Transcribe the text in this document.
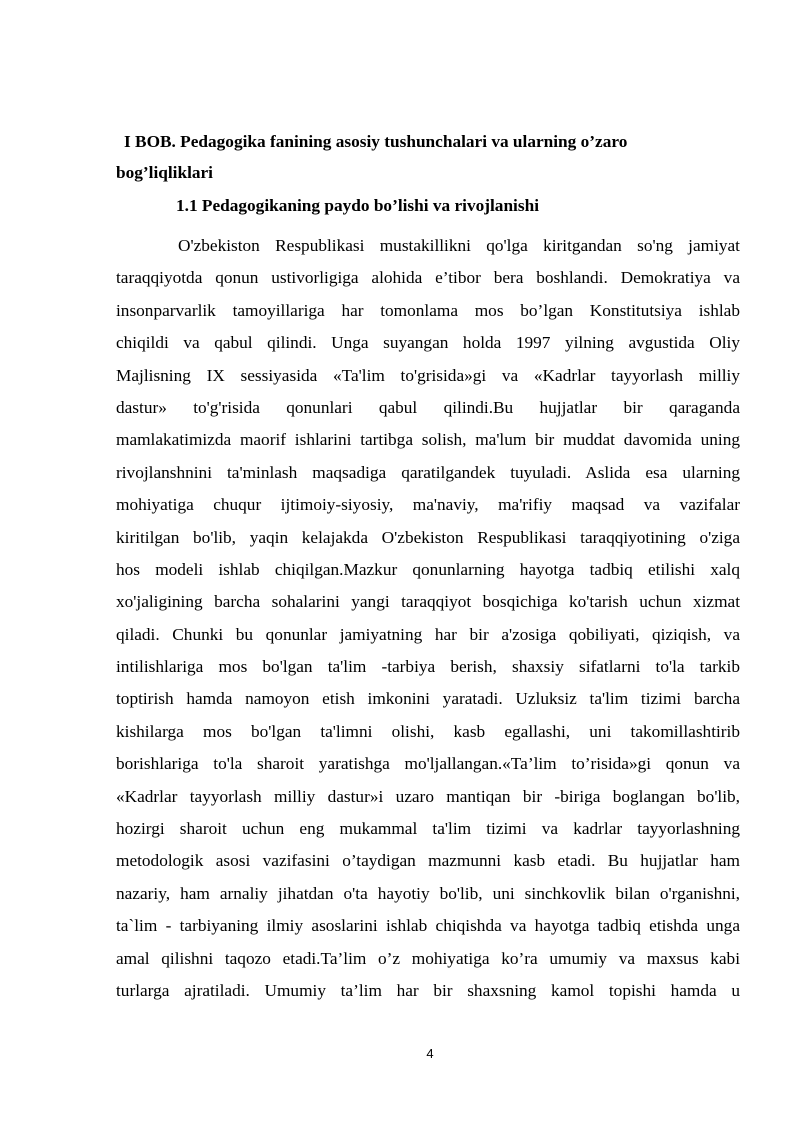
I BOB. Pedagogika fanining asosiy tushunchalari va ularning o’zaro
bog’liqliklari
1.1 Pedagogikaning paydo bo’lishi va rivojlanishi
O'zbekiston Respublikasi mustakillikni qo'lga kiritgandan so'ng jamiyat
taraqqiyotda qonun ustivorligiga alohida e’tibor bera boshlandi. Demokratiya va
insonparvarlik tamoyillariga har tomonlama mos bo’lgan Konstitutsiya ishlab
chiqildi va qabul qilindi. Unga suyangan holda 1997 yilning avgustida Oliy
Majlisning IX sessiyasida «Ta'lim to'grisida»gi va «Kadrlar tayyorlash milliy
dastur» to'g'risida qonunlari qabul qilindi.Bu hujjatlar bir qaraganda
mamlakatimizda maorif ishlarini tartibga solish, ma'lum bir muddat davomida uning
rivojlanshnini ta'minlash maqsadiga qaratilgandek tuyuladi. Aslida esa ularning
mohiyatiga chuqur ijtimoiy-siyosiy, ma'naviy, ma'rifiy maqsad va vazifalar
kiritilgan bo'lib, yaqin kelajakda O'zbekiston Respublikasi taraqqiyotining o'ziga
hos modeli ishlab chiqilgan.Mazkur qonunlarning hayotga tadbiq etilishi xalq
xo'jaligining barcha sohalarini yangi taraqqiyot bosqichiga ko'tarish uchun xizmat
qiladi. Chunki bu qonunlar jamiyatning har bir a'zosiga qobiliyati, qiziqish, va
intilishlariga mos bo'lgan ta'lim -tarbiya berish, shaxsiy sifatlarni to'la tarkib
toptirish hamda namoyon etish imkonini yaratadi. Uzluksiz ta'lim tizimi barcha
kishilarga mos bo'lgan ta'limni olishi, kasb egallashi, uni takomillashtirib
borishlariga to'la sharoit yaratishga mo'ljallangan.«Ta’lim to’risida»gi qonun va
«Kadrlar tayyorlash milliy dastur»i uzaro mantiqan bir -biriga boglangan bo'lib,
hozirgi sharoit uchun eng mukammal ta'lim tizimi va kadrlar tayyorlashning
metodologik asosi vazifasini o’taydigan mazmunni kasb etadi. Bu hujjatlar ham
nazariy, ham arnaliy jihatdan o'ta hayotiy bo'lib, uni sinchkovlik bilan o'rganishni,
ta`lim - tarbiyaning ilmiy asoslarini ishlab chiqishda va hayotga tadbiq etishda unga
amal qilishni taqozo etadi.Ta’lim o’z mohiyatiga ko’ra umumiy va maxsus kabi
turlarga ajratiladi. Umumiy ta’lim har bir shaxsning kamol topishi hamda u
4
